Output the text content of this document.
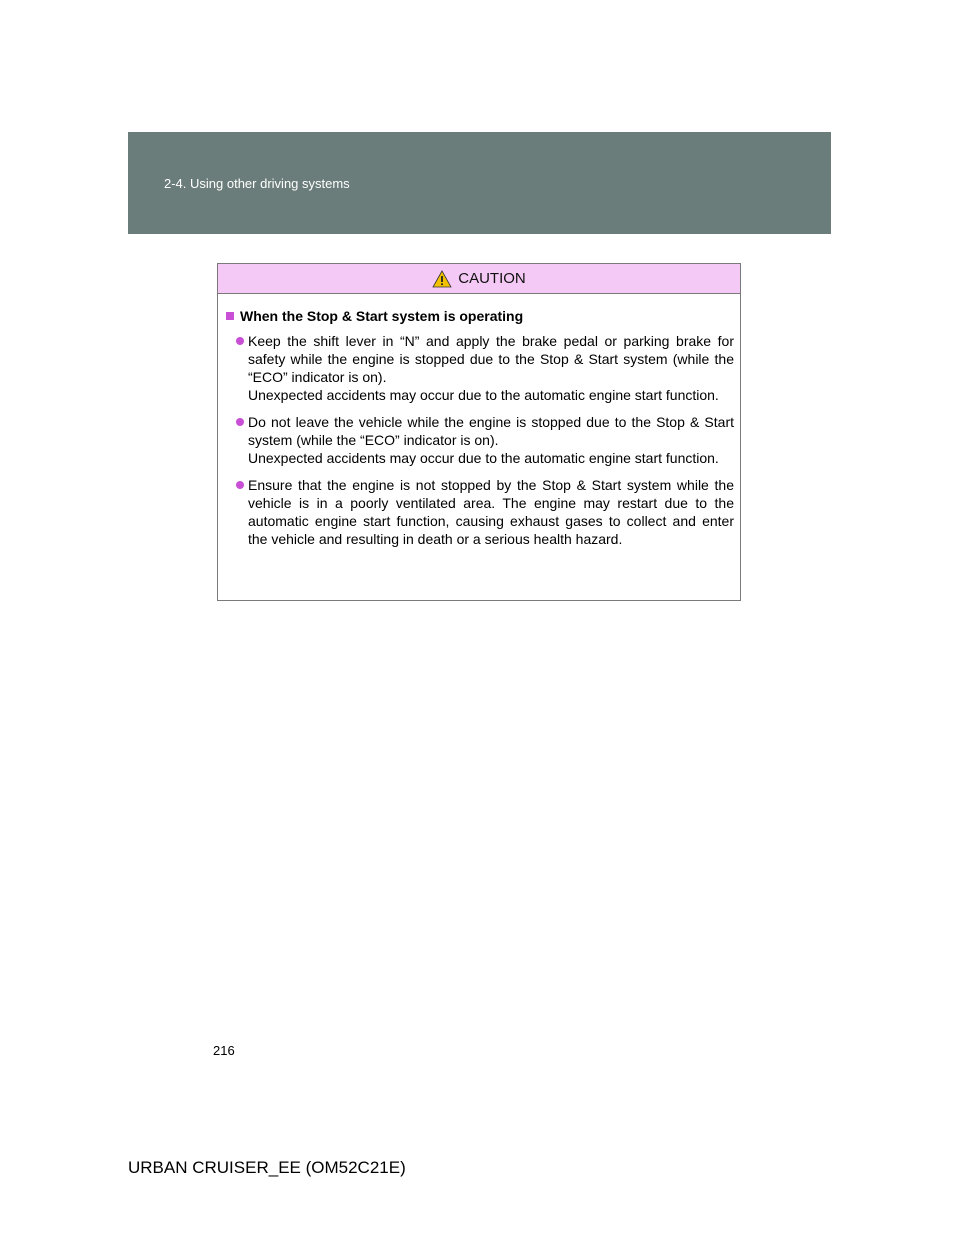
2-4. Using other driving systems
CAUTION
When the Stop & Start system is operating

Keep the shift lever in “N” and apply the brake pedal or parking brake for safety while the engine is stopped due to the Stop & Start system (while the “ECO” indicator is on).

Unexpected accidents may occur due to the automatic engine start function.

Do not leave the vehicle while the engine is stopped due to the Stop & Start system (while the “ECO” indicator is on).

Unexpected accidents may occur due to the automatic engine start function.

Ensure that the engine is not stopped by the Stop & Start system while the vehicle is in a poorly ventilated area. The engine may restart due to the automatic engine start function, causing exhaust gases to collect and enter the vehicle and resulting in death or a serious health hazard.

216
URBAN CRUISER_EE (OM52C21E)
